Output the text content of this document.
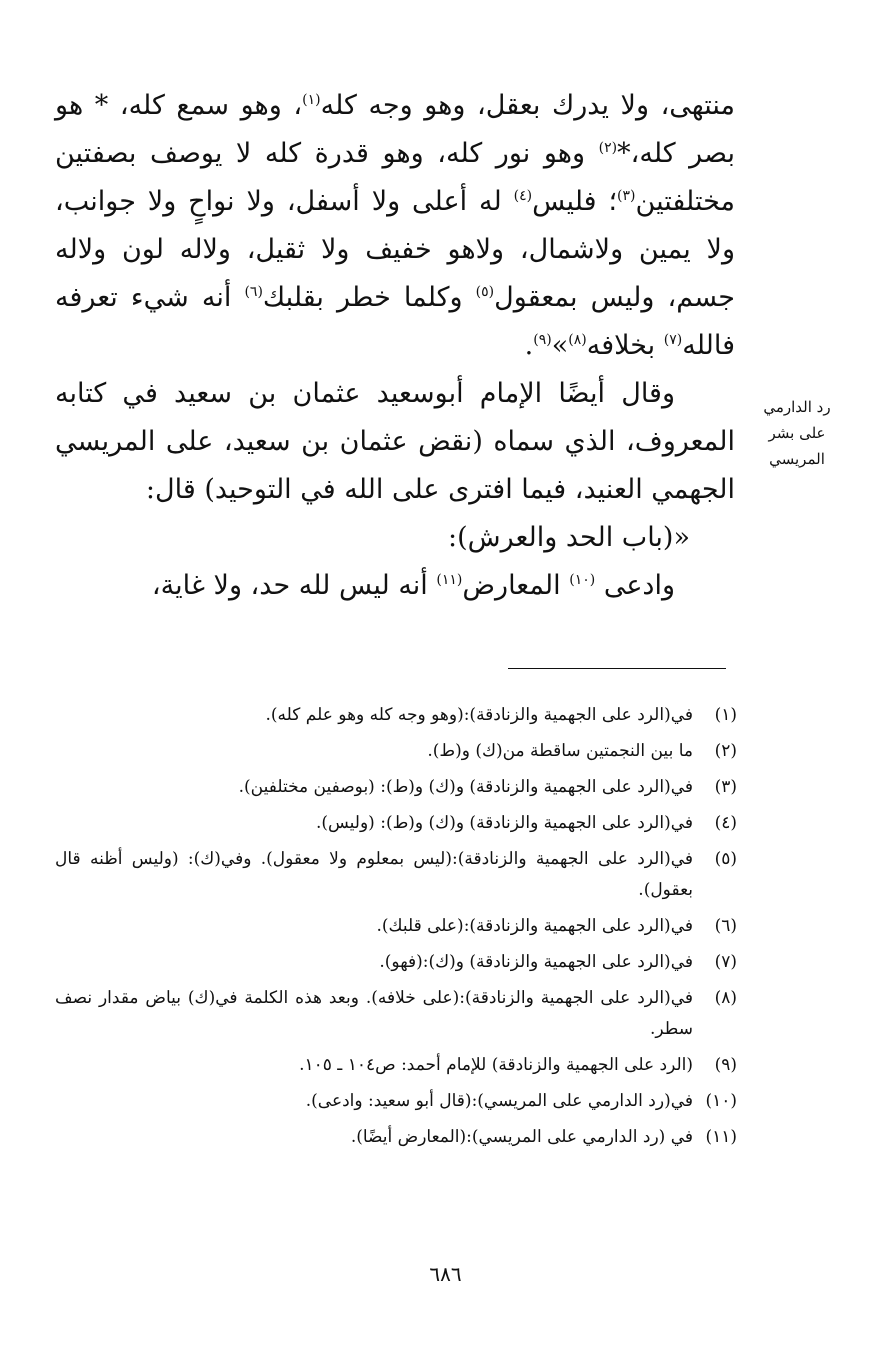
منتهى، ولا يدرك بعقل، وهو وجه كله$^{(١)}$، وهو سمع كله، * هو بصر كله،*$^{(٢)}$ وهو نور كله، وهو قدرة كله لا يوصف بصفتين مختلفتين$^{(٣)}$؛ فليس$^{(٤)}$ له أعلى ولا أسفل، ولا نواحٍ ولا جوانب، ولا يمين ولاشمال، ولاهو خفيف ولا ثقيل، ولاله لون ولاله جسم، وليس بمعقول$^{(٥)}$ وكلما خطر بقلبك$^{(٦)}$ أنه شيء تعرفه فالله$^{(٧)}$ بخلافه$^{(٨)}$»$^{(٩)}$.

وقال أيضًا الإمام أبوسعيد عثمان بن سعيد في كتابه المعروف، الذي سماه (نقض عثمان بن سعيد، على المريسي الجهمي العنيد، فيما افترى على الله في التوحيد) قال:

«(باب الحد والعرش):

وادعى $^{(١٠)}$ المعارض$^{(١١)}$ أنه ليس لله حد، ولا غاية،

رد الدارمي
على بشر
المريسي
(١)
في(الرد على الجهمية والزنادقة):(وهو وجه كله وهو علم كله).
(٢)
ما بين النجمتين ساقطة من(ك) و(ط).
(٣)
في(الرد على الجهمية والزنادقة) و(ك) و(ط): (بوصفين مختلفين).
(٤)
في(الرد على الجهمية والزنادقة) و(ك) و(ط): (وليس).
(٥)
في(الرد على الجهمية والزنادقة):(ليس بمعلوم ولا معقول). وفي(ك): (وليس أظنه قال بعقول).
(٦)
في(الرد على الجهمية والزنادقة):(على قلبك).
(٧)
في(الرد على الجهمية والزنادقة) و(ك):(فهو).
(٨)
في(الرد على الجهمية والزنادقة):(على خلافه). وبعد هذه الكلمة في(ك) بياض مقدار نصف سطر.
(٩)
(الرد على الجهمية والزنادقة) للإمام أحمد: ص١٠٤ ـ ١٠٥.
(١٠)
في(رد الدارمي على المريسي):(قال أبو سعيد: وادعى).
(١١)
في (رد الدارمي على المريسي):(المعارض أيضًا).
٦٨٦
